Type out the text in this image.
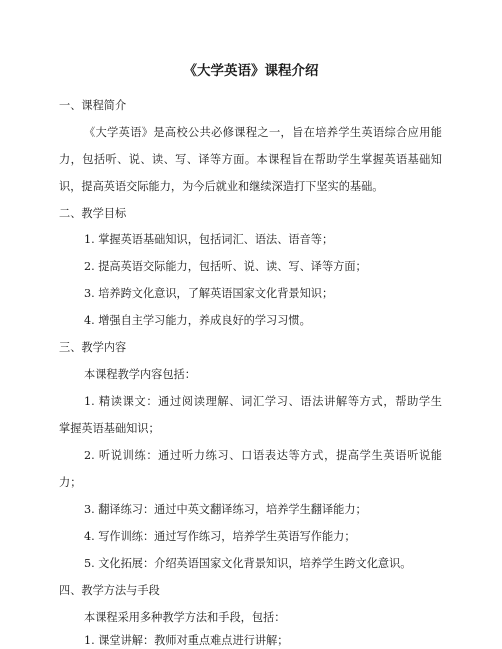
《大学英语》课程介绍
一、课程简介
《大学英语》是高校公共必修课程之一，旨在培养学生英语综合应用能
力，包括听、说、读、写、译等方面。本课程旨在帮助学生掌握英语基础知
识，提高英语交际能力，为今后就业和继续深造打下坚实的基础。
二、教学目标
1. 掌握英语基础知识，包括词汇、语法、语音等；
2. 提高英语交际能力，包括听、说、读、写、译等方面；
3. 培养跨文化意识，了解英语国家文化背景知识；
4. 增强自主学习能力，养成良好的学习习惯。
三、教学内容
本课程教学内容包括：
1. 精读课文：通过阅读理解、词汇学习、语法讲解等方式，帮助学生
掌握英语基础知识；
2. 听说训练：通过听力练习、口语表达等方式，提高学生英语听说能
力；
3. 翻译练习：通过中英文翻译练习，培养学生翻译能力；
4. 写作训练：通过写作练习，培养学生英语写作能力；
5. 文化拓展：介绍英语国家文化背景知识，培养学生跨文化意识。
四、教学方法与手段
本课程采用多种教学方法和手段，包括：
1. 课堂讲解：教师对重点难点进行讲解；
